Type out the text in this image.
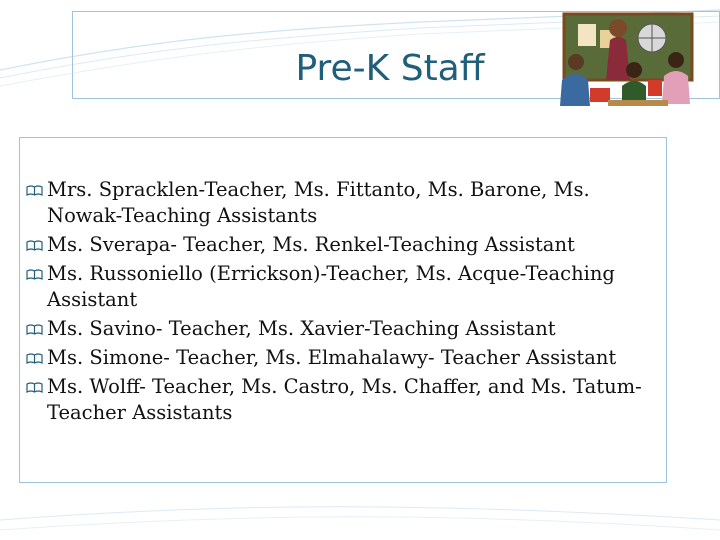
Pre-K Staff
Mrs. Spracklen-Teacher, Ms. Fittanto, Ms. Barone, Ms. Nowak-Teaching Assistants
Ms. Sverapa- Teacher, Ms. Renkel-Teaching Assistant
Ms. Russoniello (Errickson)-Teacher, Ms. Acque-Teaching Assistant
Ms. Savino- Teacher, Ms. Xavier-Teaching Assistant
Ms. Simone- Teacher, Ms. Elmahalawy- Teacher Assistant
Ms. Wolff- Teacher, Ms. Castro, Ms. Chaffer, and Ms. Tatum-Teacher Assistants
